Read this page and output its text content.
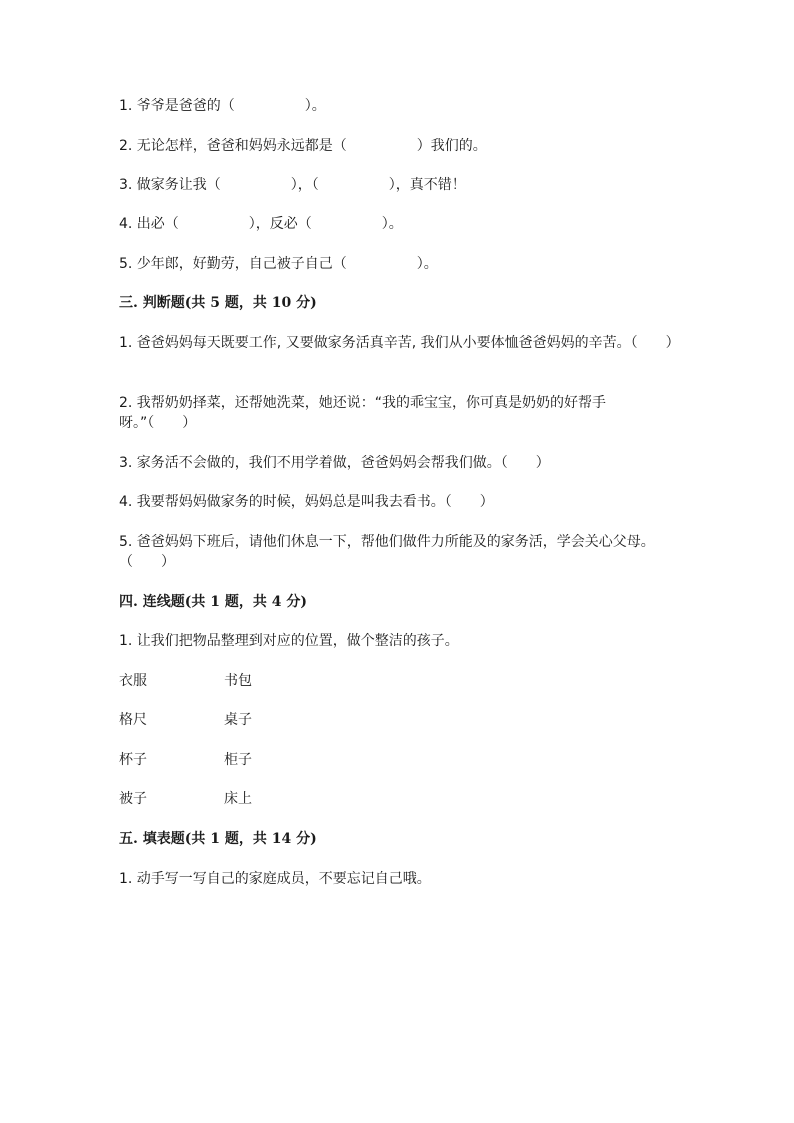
1. 爷爷是爸爸的（　　　　　）。
2. 无论怎样，爸爸和妈妈永远都是（　　　　　）我们的。
3. 做家务让我（　　　　　），（　　　　　），真不错！
4. 出必（　　　　　），反必（　　　　　）。
5. 少年郎，好勤劳，自己被子自己（　　　　　）。
三. 判断题(共 5 题，共 10 分)
1. 爸爸妈妈每天既要工作, 又要做家务活真辛苦, 我们从小要体恤爸爸妈妈的辛苦。（　　）
2. 我帮奶奶择菜，还帮她洗菜，她还说：“我的乖宝宝，你可真是奶奶的好帮手呀。”（　　）
3. 家务活不会做的，我们不用学着做，爸爸妈妈会帮我们做。（　　）
4. 我要帮妈妈做家务的时候，妈妈总是叫我去看书。（　　）
5. 爸爸妈妈下班后，请他们休息一下，帮他们做件力所能及的家务活，学会关心父母。（　　）
四. 连线题(共 1 题，共 4 分)
1. 让我们把物品整理到对应的位置，做个整洁的孩子。
衣服	书包
格尺	桌子
杯子	柜子
被子	床上
五. 填表题(共 1 题，共 14 分)
1. 动手写一写自己的家庭成员，不要忘记自己哦。
